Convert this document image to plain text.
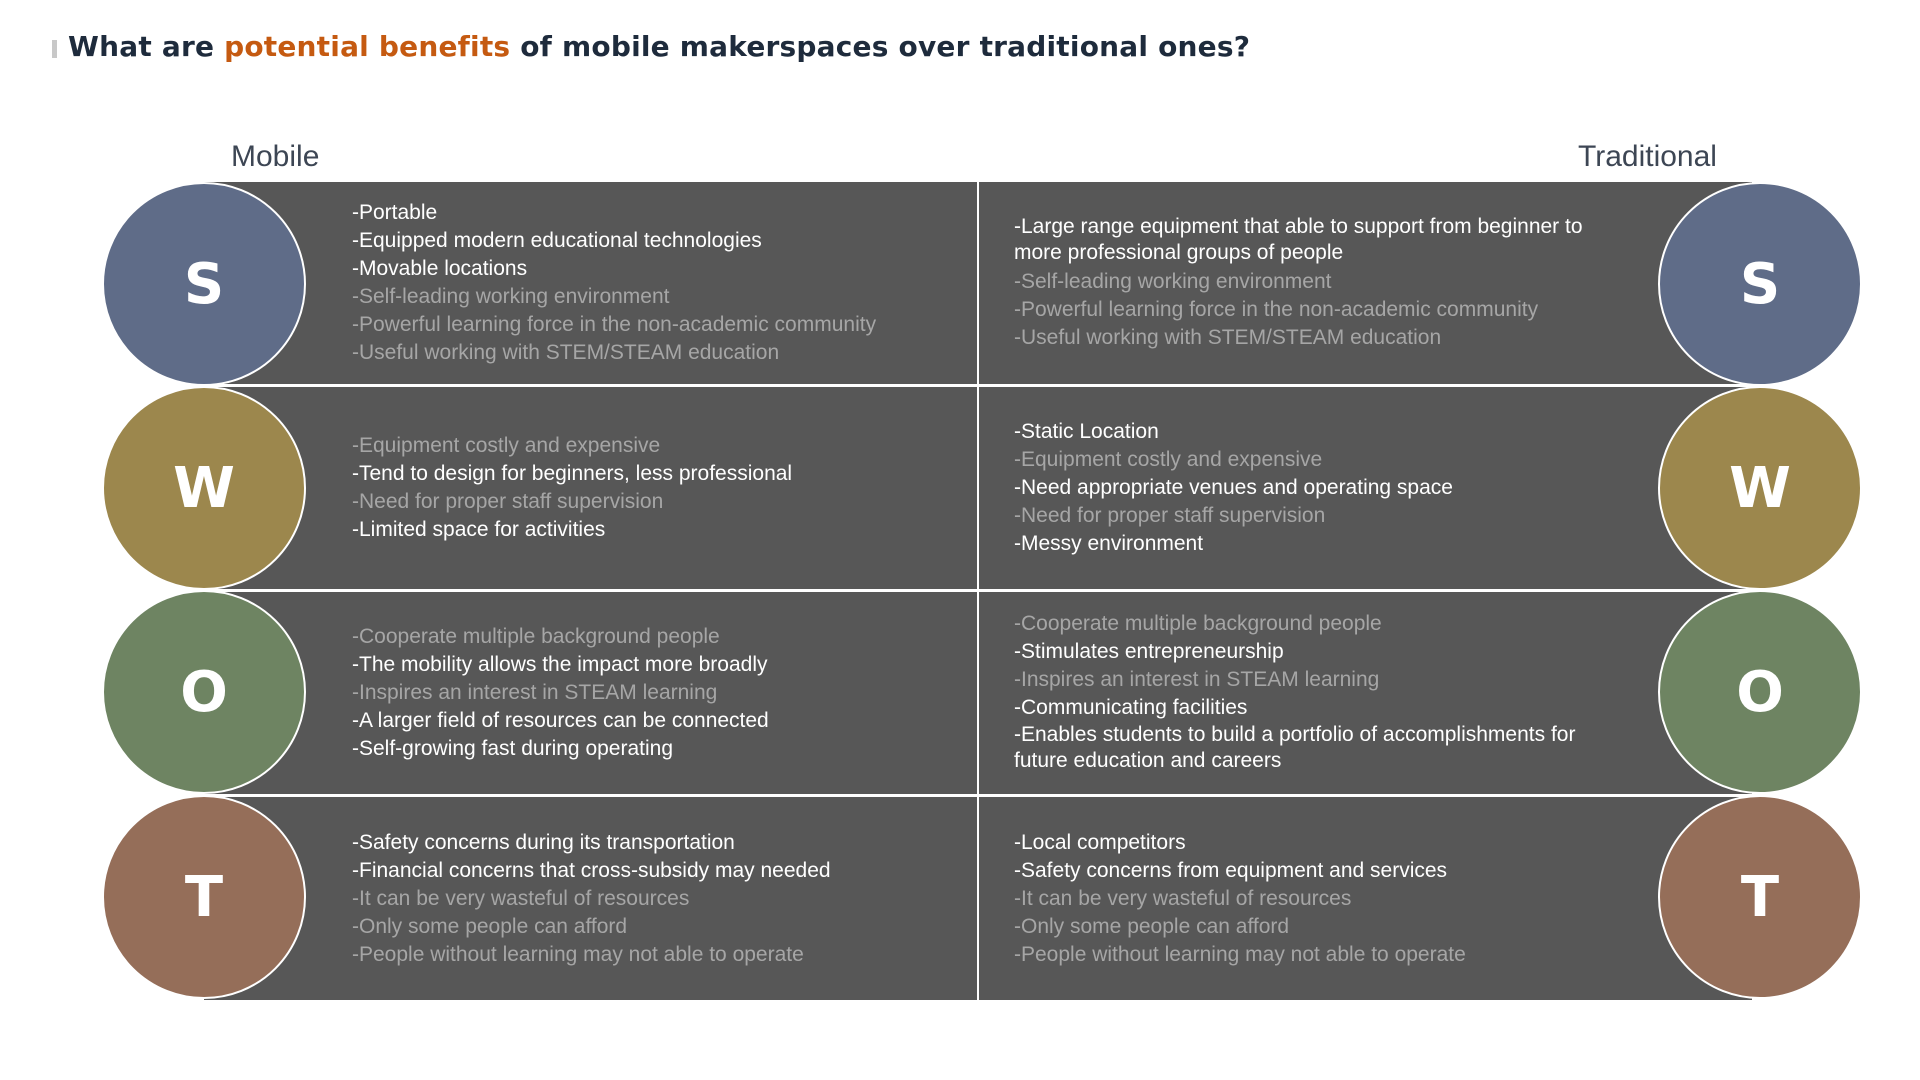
What are potential benefits of mobile makerspaces over traditional ones?
Mobile	Traditional
-Portable
-Equipped modern educational technologies
-Movable locations
-Self-leading working environment
-Powerful learning force in the non-academic community
-Useful working with STEM/STEAM education
-Large range equipment that able to support from beginner to more professional groups of people
-Self-leading working environment
-Powerful learning force in the non-academic community
-Useful working with STEM/STEAM education
-Equipment costly and expensive
-Tend to design for beginners, less professional
-Need for proper staff supervision
-Limited space for activities
-Static Location
-Equipment costly and expensive
-Need appropriate venues and operating space
-Need for proper staff supervision
-Messy environment
-Cooperate multiple background people
-The mobility allows the impact more broadly
-Inspires an interest in STEAM learning
-A larger field of resources can be connected
-Self-growing fast during operating
-Cooperate multiple background people
-Stimulates entrepreneurship
-Inspires an interest in STEAM learning
-Communicating facilities
-Enables students to build a portfolio of accomplishments for future education and careers
-Safety concerns during its transportation
-Financial concerns that cross-subsidy may needed
-It can be very wasteful of resources
-Only some people can afford
-People without learning may not able to operate
-Local competitors
-Safety concerns from equipment and services
-It can be very wasteful of resources
-Only some people can afford
-People without learning may not able to operate
S
W
O
T
S
W
O
T
